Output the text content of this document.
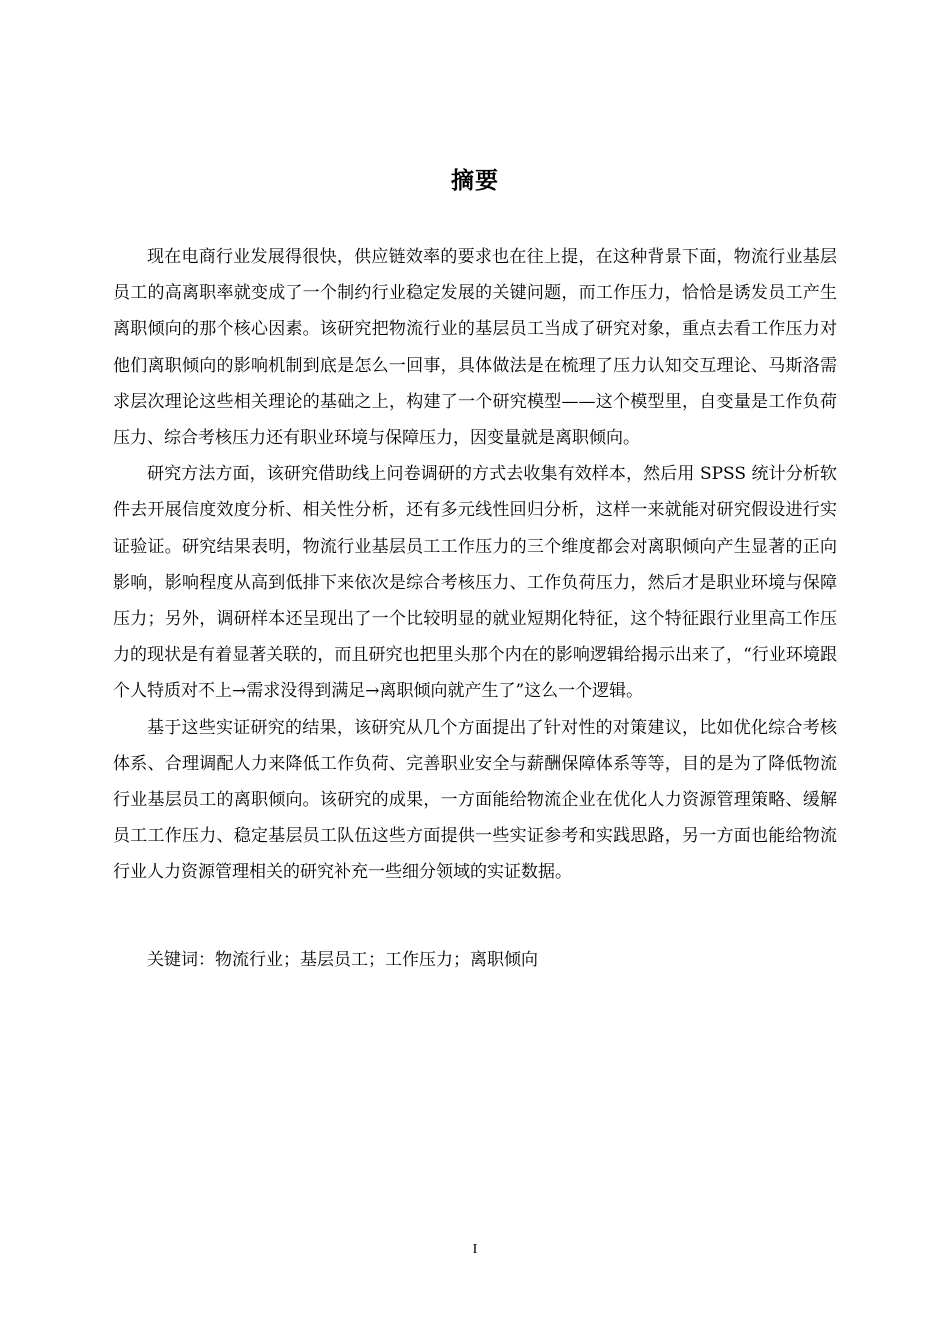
摘要

现在电商行业发展得很快，供应链效率的要求也在往上提，在这种背景下面，物流行业基层员工的高离职率就变成了一个制约行业稳定发展的关键问题，而工作压力，恰恰是诱发员工产生离职倾向的那个核心因素。该研究把物流行业的基层员工当成了研究对象，重点去看工作压力对他们离职倾向的影响机制到底是怎么一回事，具体做法是在梳理了压力认知交互理论、马斯洛需求层次理论这些相关理论的基础之上，构建了一个研究模型——这个模型里，自变量是工作负荷压力、综合考核压力还有职业环境与保障压力，因变量就是离职倾向。

研究方法方面，该研究借助线上问卷调研的方式去收集有效样本，然后用 SPSS 统计分析软件去开展信度效度分析、相关性分析，还有多元线性回归分析，这样一来就能对研究假设进行实证验证。研究结果表明，物流行业基层员工工作压力的三个维度都会对离职倾向产生显著的正向影响，影响程度从高到低排下来依次是综合考核压力、工作负荷压力，然后才是职业环境与保障压力；另外，调研样本还呈现出了一个比较明显的就业短期化特征，这个特征跟行业里高工作压力的现状是有着显著关联的，而且研究也把里头那个内在的影响逻辑给揭示出来了，“行业环境跟个人特质对不上→需求没得到满足→离职倾向就产生了”这么一个逻辑。

基于这些实证研究的结果，该研究从几个方面提出了针对性的对策建议，比如优化综合考核体系、合理调配人力来降低工作负荷、完善职业安全与薪酬保障体系等等，目的是为了降低物流行业基层员工的离职倾向。该研究的成果，一方面能给物流企业在优化人力资源管理策略、缓解员工工作压力、稳定基层员工队伍这些方面提供一些实证参考和实践思路，另一方面也能给物流行业人力资源管理相关的研究补充一些细分领域的实证数据。

关键词：物流行业；基层员工；工作压力；离职倾向
I
